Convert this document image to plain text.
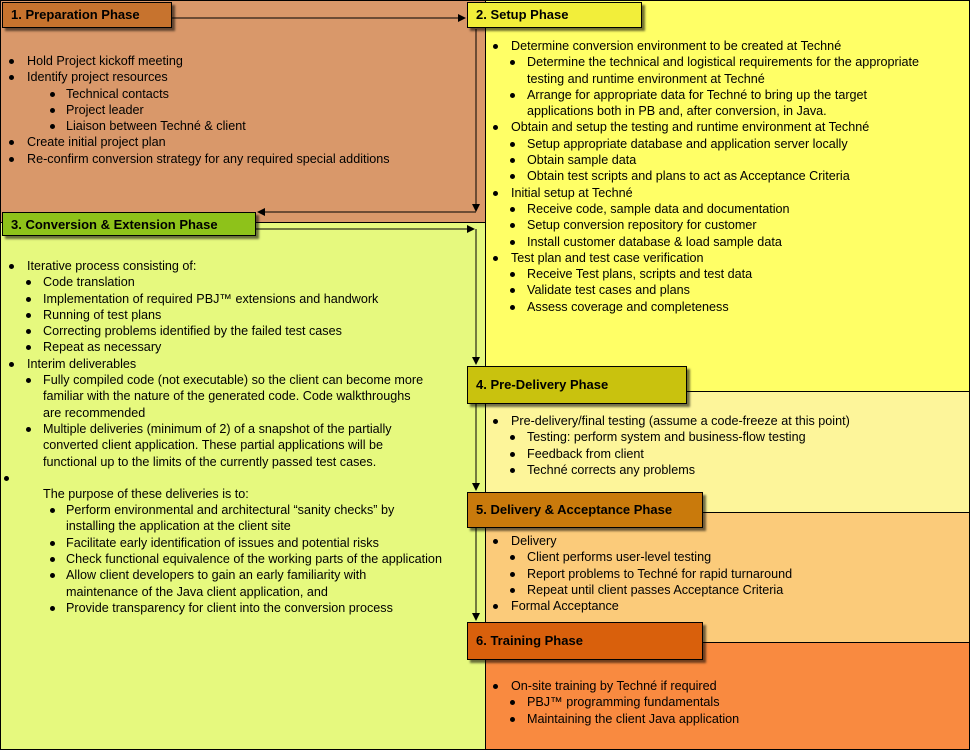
1. Preparation Phase	2. Setup Phase
3. Conversion & Extension Phase
4. Pre-Delivery Phase
5. Delivery & Acceptance Phase
6. Training Phase
Hold Project kickoff meeting
Identify project resources
Technical contacts
Project leader
Liaison between Techné & client
Create initial project plan
Re-confirm conversion strategy for any required special additions
Determine conversion environment to be created at Techné
Determine the technical and logistical requirements for the appropriate
testing and runtime environment at Techné
Arrange for appropriate data for Techné to bring up the target
applications both in PB and, after conversion, in Java.
Obtain and setup the testing and runtime environment at Techné
Setup appropriate database and application server locally
Obtain sample data
Obtain test scripts and plans to act as Acceptance Criteria
Initial setup at Techné
Receive code, sample data and documentation
Setup conversion repository for customer
Install customer database & load sample data
Test plan and test case verification
Receive Test plans, scripts and test data
Validate test cases and plans
Assess coverage and completeness
Iterative process consisting of:
Code translation
Implementation of required PBJ™ extensions and handwork
Running of test plans
Correcting problems identified by the failed test cases
Repeat as necessary
Interim deliverables
Fully compiled code (not executable) so the client can become more
familiar with the nature of the generated code. Code walkthroughs
are recommended
Multiple deliveries (minimum of 2) of a snapshot of the partially
converted client application. These partial applications will be
functional up to the limits of the currently passed test cases.
The purpose of these deliveries is to:
Perform environmental and architectural “sanity checks” by
installing the application at the client site
Facilitate early identification of issues and potential risks
Check functional equivalence of the working parts of the application
Allow client developers to gain an early familiarity with
maintenance of the Java client application, and
Provide transparency for client into the conversion process
Pre-delivery/final testing (assume a code-freeze at this point)
Testing: perform system and business-flow testing
Feedback from client
Techné corrects any problems
Delivery
Client performs user-level testing
Report problems to Techné for rapid turnaround
Repeat until client passes Acceptance Criteria
Formal Acceptance
On-site training by Techné if required
PBJ™ programming fundamentals
Maintaining the client Java application
